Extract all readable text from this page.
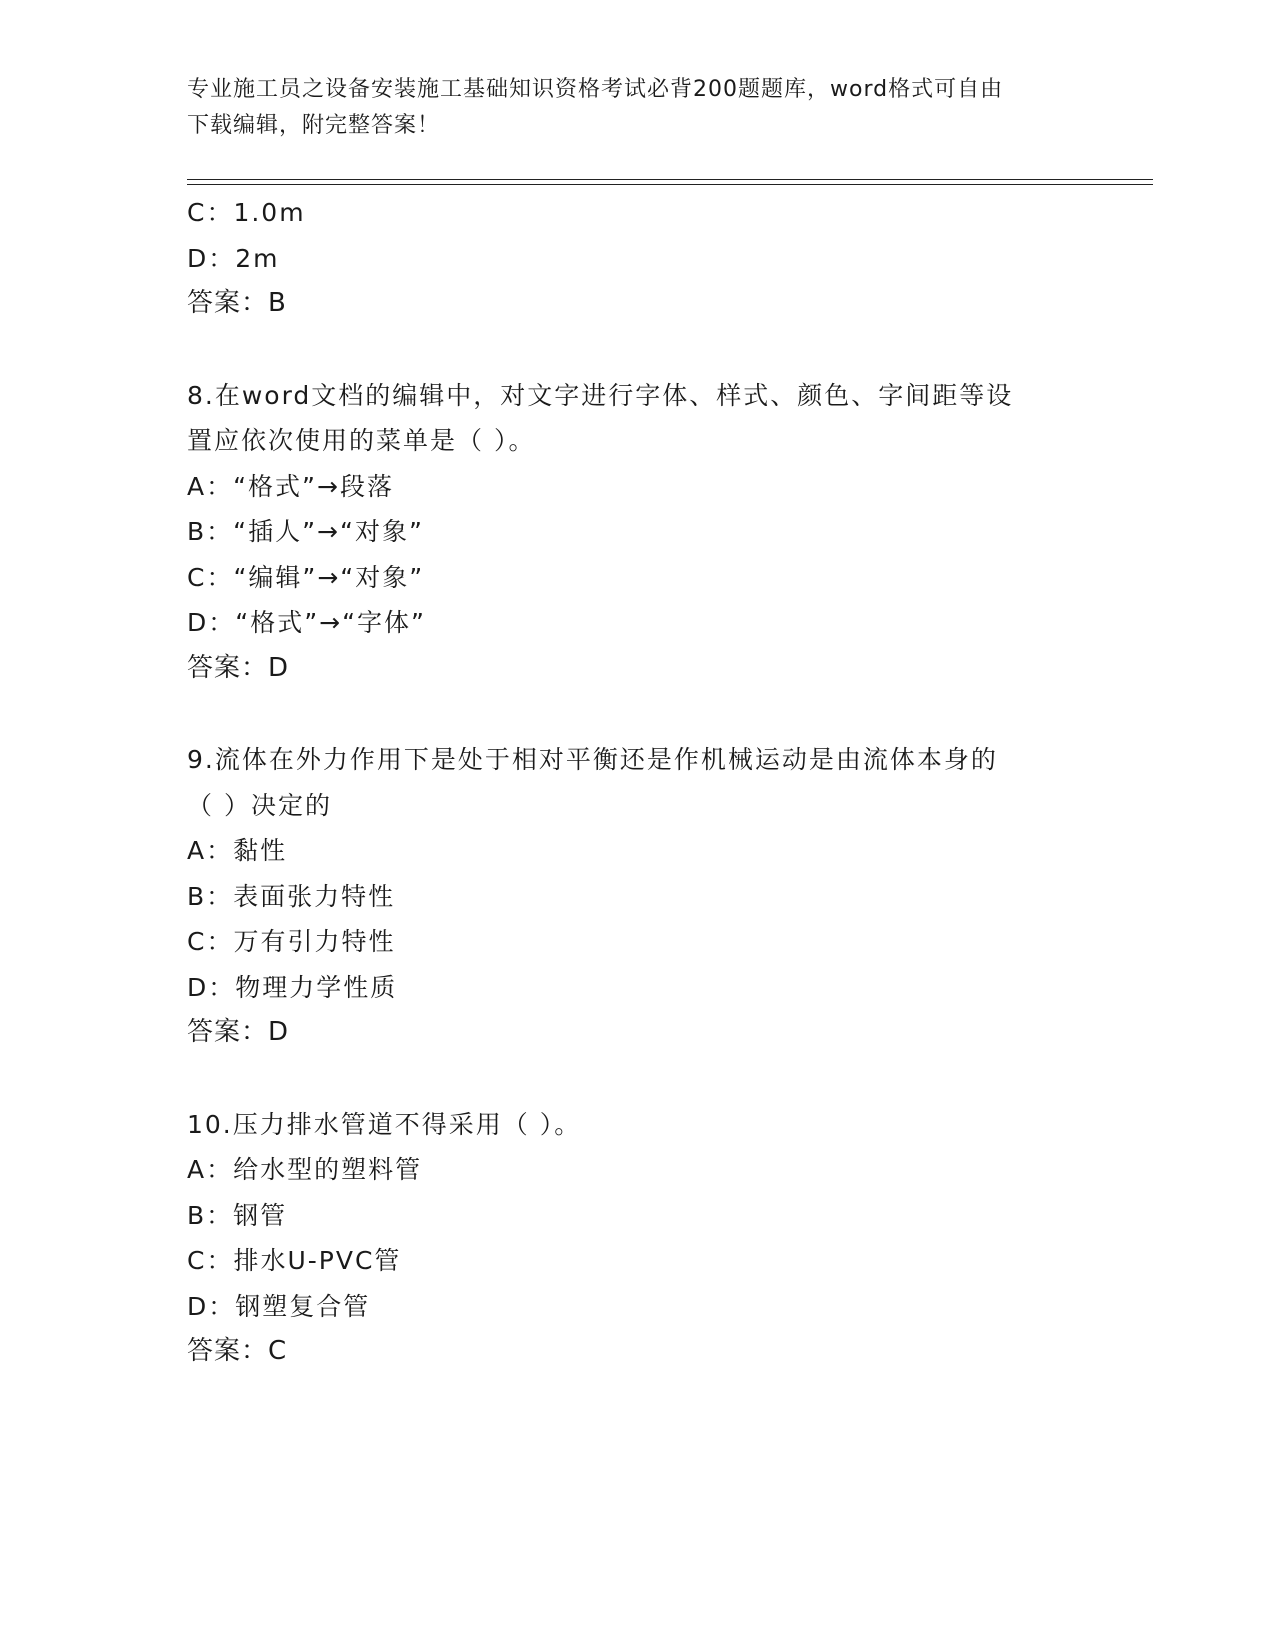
专业施工员之设备安装施工基础知识资格考试必背200题题库，word格式可自由
下载编辑，附完整答案！
C：1.0m
D：2m
答案：B
8.在word文档的编辑中，对文字进行字体、样式、颜色、字间距等设
置应依次使用的菜单是（ ）。
A：“格式”→段落
B：“插人”→“对象”
C：“编辑”→“对象”
D：“格式”→“字体”
答案：D
9.流体在外力作用下是处于相对平衡还是作机械运动是由流体本身的
（ ）决定的
A：黏性
B：表面张力特性
C：万有引力特性
D：物理力学性质
答案：D
10.压力排水管道不得采用（ ）。
A：给水型的塑料管
B：钢管
C：排水U-PVC管
D：钢塑复合管
答案：C
